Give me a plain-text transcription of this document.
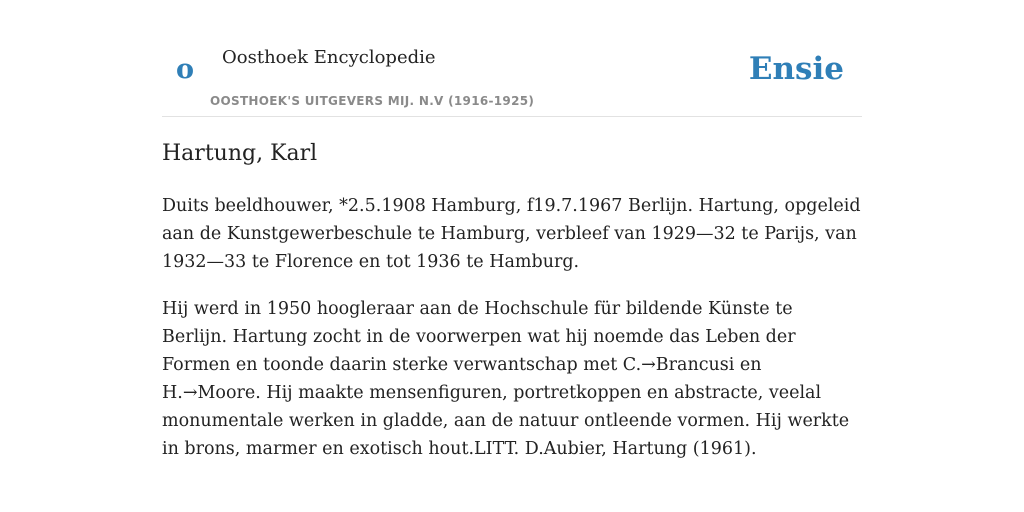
o Oosthoek Encyclopedie
OOSTHOEK'S UITGEVERS MIJ. N.V (1916-1925)
Ensie
Hartung, Karl

Duits beeldhouwer, *2.5.1908 Hamburg, f19.7.1967 Berlijn. Hartung, opgeleid aan de Kunstgewerbeschule te Hamburg, verbleef van 1929—32 te Parijs, van 1932—33 te Florence en tot 1936 te Hamburg.

Hij werd in 1950 hoogleraar aan de Hochschule für bildende Künste te Berlijn. Hartung zocht in de voorwerpen wat hij noemde das Leben der Formen en toonde daarin sterke verwantschap met C.→Brancusi en H.→Moore. Hij maakte mensenfiguren, portretkoppen en abstracte, veelal monumentale werken in gladde, aan de natuur ontleende vormen. Hij werkte in brons, marmer en exotisch hout.LITT. D.Aubier, Hartung (1961).
